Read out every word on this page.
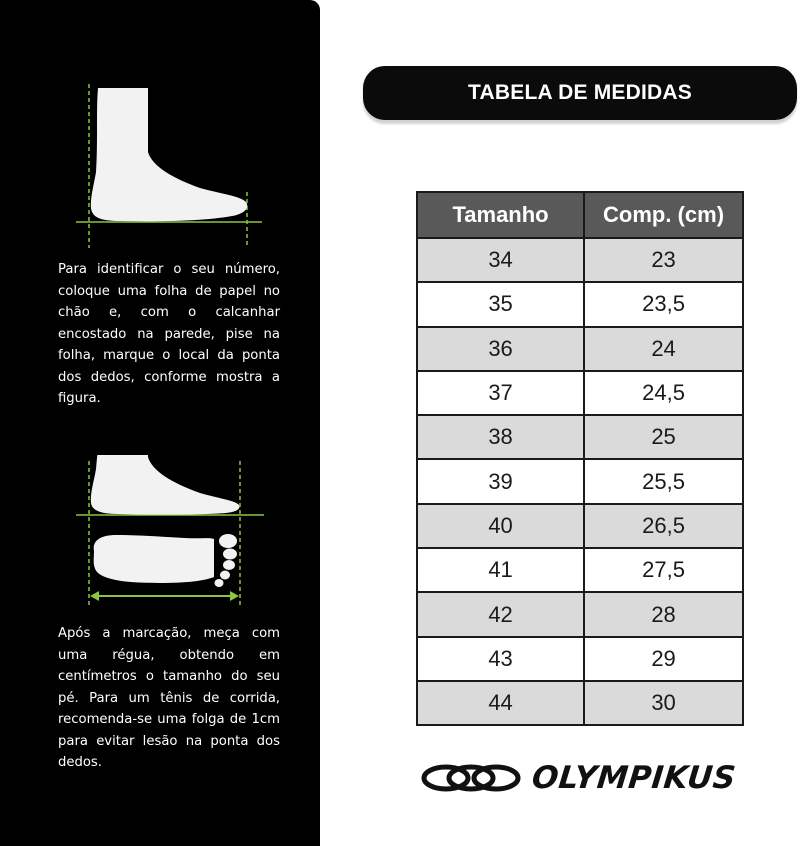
Para identificar o seu número, coloque uma folha de papel no chão e, com o calcanhar encostado na parede, pise na folha, marque o local da ponta dos dedos, conforme mostra a figura.

Após a marcação, meça com uma régua, obtendo em centímetros o tamanho do seu pé. Para um tênis de corrida, recomenda-se uma folga de 1cm para evitar lesão na ponta dos dedos.

TABELA DE MEDIDAS
Tamanho	Comp. (cm)
34	23
35	23,5
36	24
37	24,5
38	25
39	25,5
40	26,5
41	27,5
42	28
43	29
44	30
OLYMPIKUS
